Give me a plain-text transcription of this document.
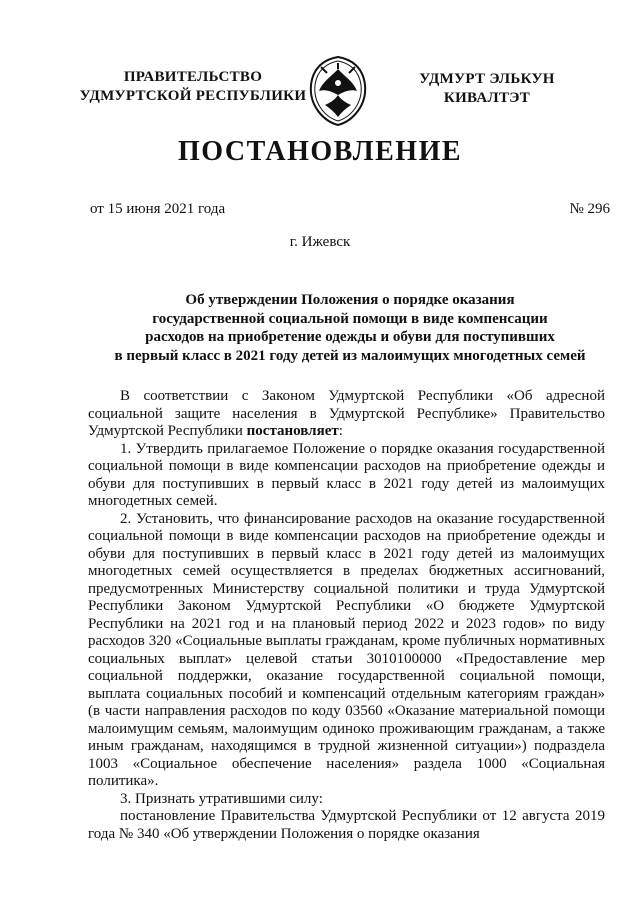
ПРАВИТЕЛЬСТВО
УДМУРТСКОЙ РЕСПУБЛИКИ
УДМУРТ ЭЛЬКУН
КИВАЛТЭТ
ПОСТАНОВЛЕНИЕ
от 15 июня 2021 года	№ 296
г. Ижевск
Об утверждении Положения о порядке оказания
государственной социальной помощи в виде компенсации
расходов на приобретение одежды и обуви для поступивших
в первый класс в 2021 году детей из малоимущих многодетных семей

В соответствии с Законом Удмуртской Республики «Об адресной социальной защите населения в Удмуртской Республике» Правительство Удмуртской Республики постановляет:

1. Утвердить прилагаемое Положение о порядке оказания государственной социальной помощи в виде компенсации расходов на приобретение одежды и обуви для поступивших в первый класс в 2021 году детей из малоимущих многодетных семей.

2. Установить, что финансирование расходов на оказание государственной социальной помощи в виде компенсации расходов на приобретение одежды и обуви для поступивших в первый класс в 2021 году детей из малоимущих многодетных семей осуществляется в пределах бюджетных ассигнований, предусмотренных Министерству социальной политики и труда Удмуртской Республики Законом Удмуртской Республики «О бюджете Удмуртской Республики на 2021 год и на плановый период 2022 и 2023 годов» по виду расходов 320 «Социальные выплаты гражданам, кроме публичных нормативных социальных выплат» целевой статьи 3010100000 «Предоставление мер социальной поддержки, оказание государственной социальной помощи, выплата социальных пособий и компенсаций отдельным категориям граждан» (в части направления расходов по коду 03560 «Оказание материальной помощи малоимущим семьям, малоимущим одиноко проживающим гражданам, а также иным гражданам, находящимся в трудной жизненной ситуации») подраздела 1003 «Социальное обеспечение населения» раздела 1000 «Социальная политика».

3. Признать утратившими силу:

постановление Правительства Удмуртской Республики от 12 августа 2019 года № 340 «Об утверждении Положения о порядке оказания
